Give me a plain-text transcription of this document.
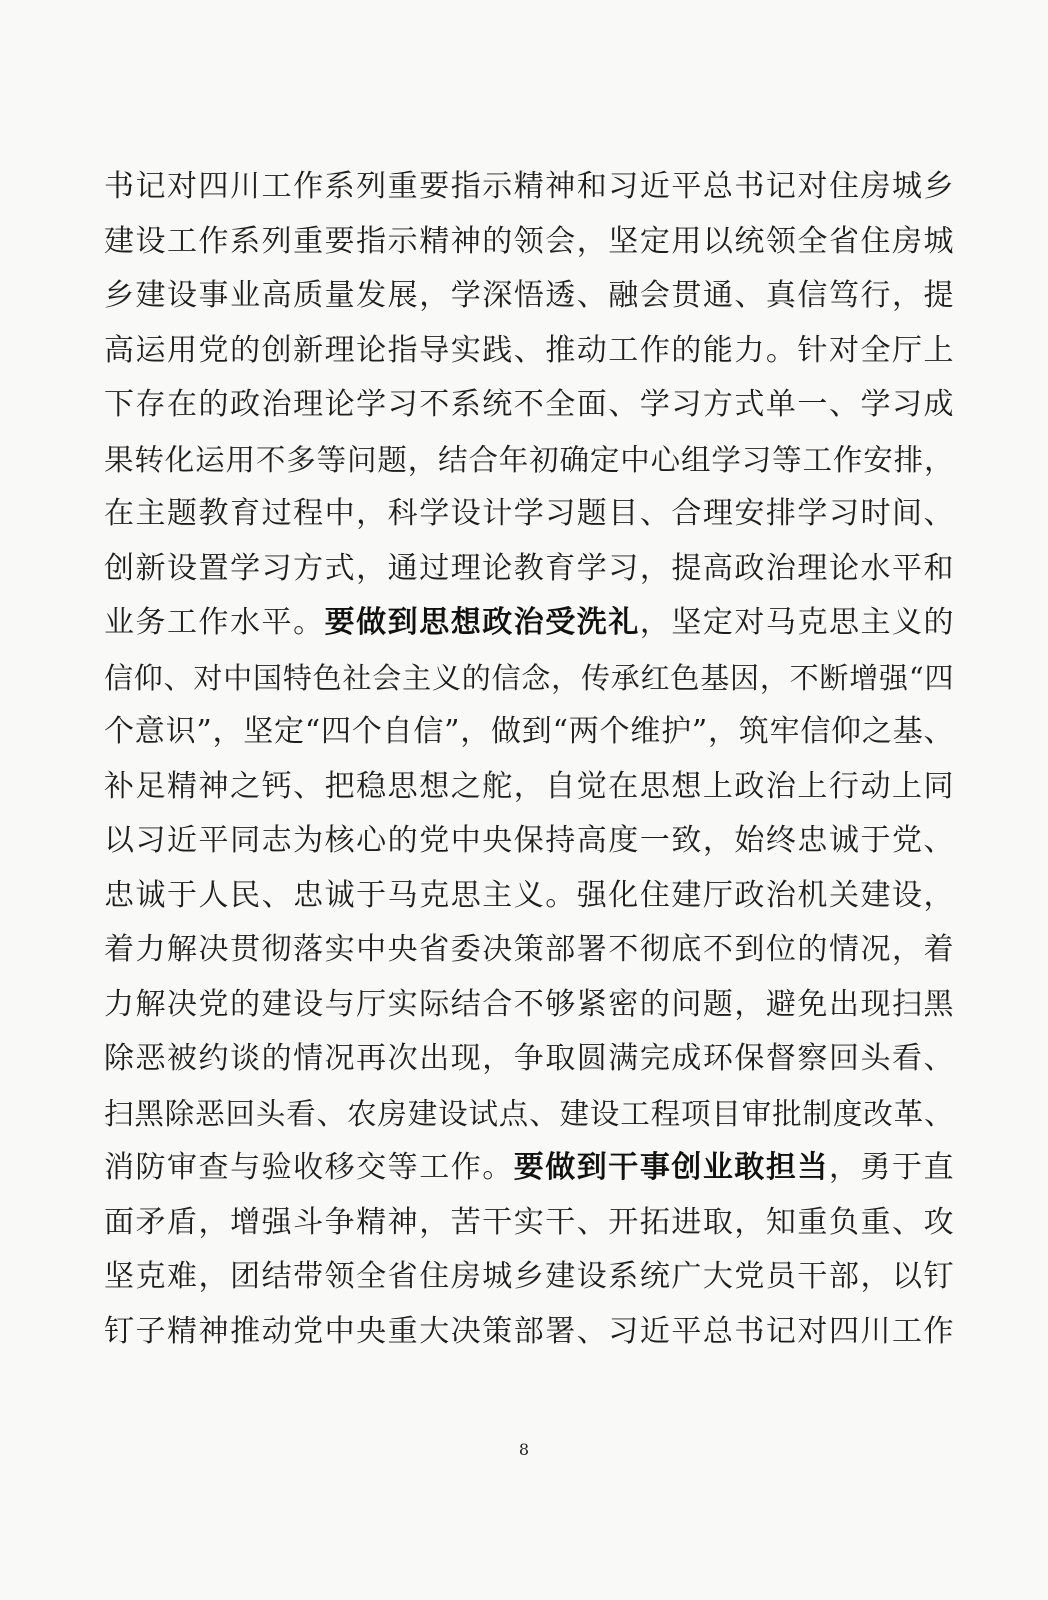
书记对四川工作系列重要指示精神和习近平总书记对住房城乡
建设工作系列重要指示精神的领会，坚定用以统领全省住房城
乡建设事业高质量发展，学深悟透、融会贯通、真信笃行，提
高运用党的创新理论指导实践、推动工作的能力。针对全厅上
下存在的政治理论学习不系统不全面、学习方式单一、学习成
果转化运用不多等问题，结合年初确定中心组学习等工作安排，
在主题教育过程中，科学设计学习题目、合理安排学习时间、
创新设置学习方式，通过理论教育学习，提高政治理论水平和
业务工作水平。要做到思想政治受洗礼，坚定对马克思主义的
信仰、对中国特色社会主义的信念，传承红色基因，不断增强“四
个意识”，坚定“四个自信”，做到“两个维护”，筑牢信仰之基、
补足精神之钙、把稳思想之舵，自觉在思想上政治上行动上同
以习近平同志为核心的党中央保持高度一致，始终忠诚于党、
忠诚于人民、忠诚于马克思主义。强化住建厅政治机关建设，
着力解决贯彻落实中央省委决策部署不彻底不到位的情况，着
力解决党的建设与厅实际结合不够紧密的问题，避免出现扫黑
除恶被约谈的情况再次出现，争取圆满完成环保督察回头看、
扫黑除恶回头看、农房建设试点、建设工程项目审批制度改革、
消防审查与验收移交等工作。要做到干事创业敢担当，勇于直
面矛盾，增强斗争精神，苦干实干、开拓进取，知重负重、攻
坚克难，团结带领全省住房城乡建设系统广大党员干部，以钉
钉子精神推动党中央重大决策部署、习近平总书记对四川工作
8
